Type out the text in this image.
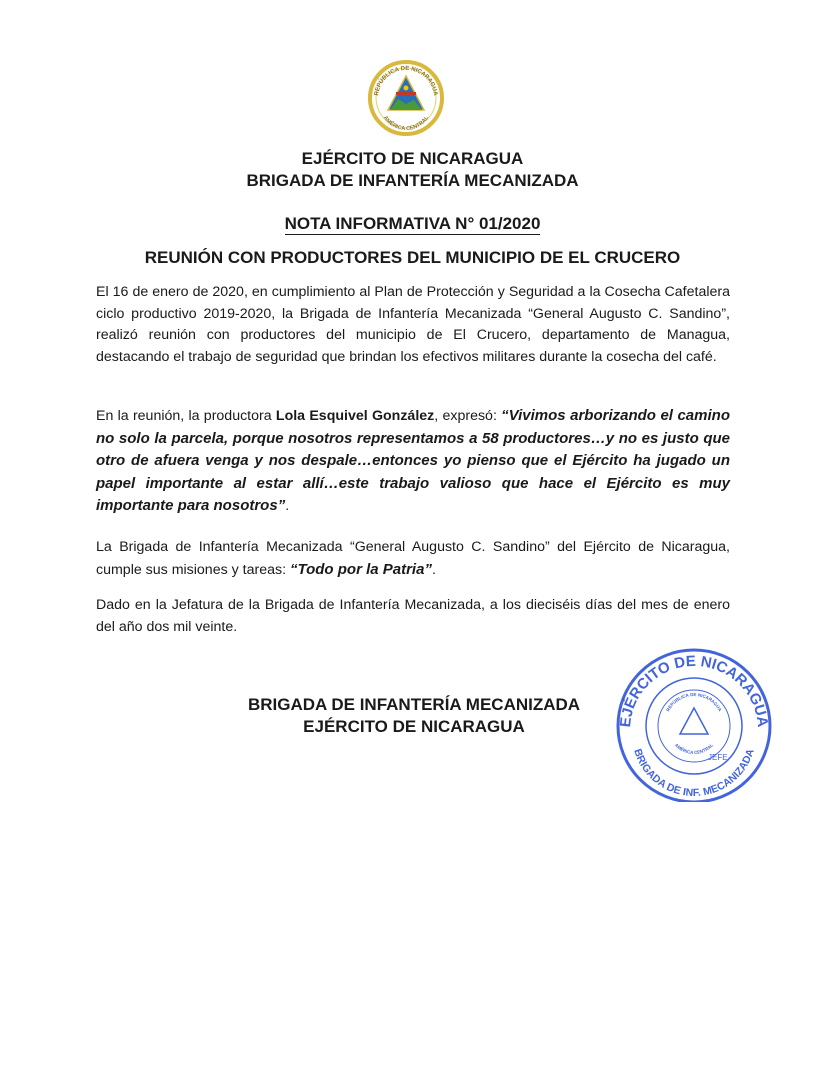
REPÚBLICA DE NICARAGUA
AMÉRICA CENTRAL
EJÉRCITO DE NICARAGUA
BRIGADA DE INFANTERÍA MECANIZADA
NOTA INFORMATIVA N° 01/2020
REUNIÓN CON PRODUCTORES DEL MUNICIPIO DE EL CRUCERO
El 16 de enero de 2020, en cumplimiento al Plan de Protección y Seguridad a la Cosecha Cafetalera ciclo productivo 2019-2020, la Brigada de Infantería Mecanizada “General Augusto C. Sandino”, realizó reunión con productores del municipio de El Crucero, departamento de Managua, destacando el trabajo de seguridad que brindan los efectivos militares durante la cosecha del café.
En la reunión, la productora Lola Esquivel González, expresó: “Vivimos arborizando el camino no solo la parcela, porque nosotros representamos a 58 productores…y no es justo que otro de afuera venga y nos despale…entonces yo pienso que el Ejército ha jugado un papel importante al estar allí…este trabajo valioso que hace el Ejército es muy importante para nosotros”.
La Brigada de Infantería Mecanizada “General Augusto C. Sandino” del Ejército de Nicaragua, cumple sus misiones y tareas: “Todo por la Patria”.
Dado en la Jefatura de la Brigada de Infantería Mecanizada, a los dieciséis días del mes de enero del año dos mil veinte.
BRIGADA DE INFANTERÍA MECANIZADA
EJÉRCITO DE NICARAGUA	EJÉRCITO DE NICARAGUA
BRIGADA DE INF. MECANIZADA
REPÚBLICA DE NICARAGUA
AMÉRICA CENTRAL
JEFE
